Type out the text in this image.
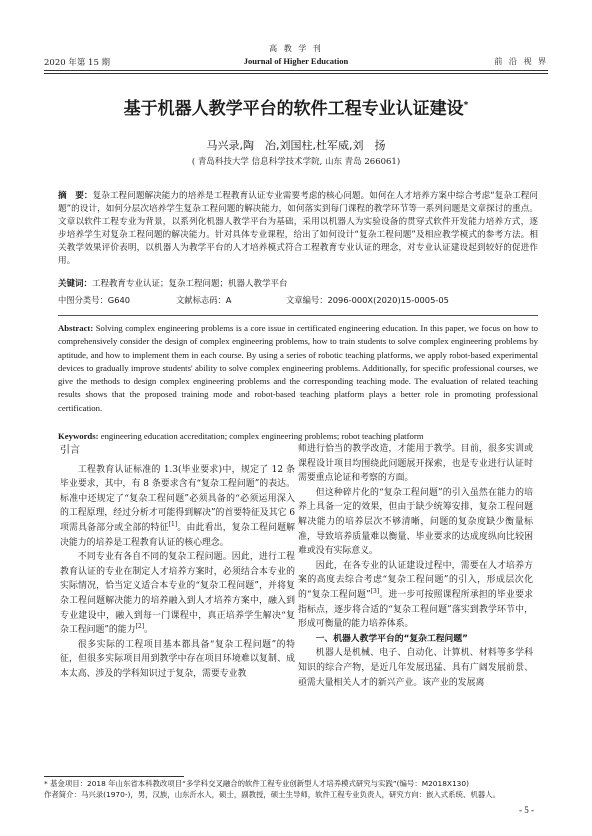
高 教 学 刊
2020 年第 15 期	Journal of Higher Education	前 沿 视 界
基于机器人教学平台的软件工程专业认证建设*
马兴录,陶　冶,刘国柱,杜军威,刘　扬
( 青岛科技大学 信息科学技术学院, 山东 青岛 266061)
摘　要：复杂工程问题解决能力的培养是工程教育认证专业需要考虑的核心问题。如何在人才培养方案中综合考虑“复杂工程问题”的设计，如何分层次培养学生复杂工程问题的解决能力，如何落实到每门课程的教学环节等一系列问题是文章探讨的重点。文章以软件工程专业为背景，以系列化机器人教学平台为基础，采用以机器人为实验设备的贯穿式软件开发能力培养方式，逐步培养学生对复杂工程问题的解决能力。针对具体专业课程，给出了如何设计“复杂工程问题”及相应教学模式的参考方法。相关教学效果评价表明，以机器人为教学平台的人才培养模式符合工程教育专业认证的理念，对专业认证建设起到较好的促进作用。
关键词：工程教育专业认证；复杂工程问题；机器人教学平台
中图分类号：G640	文献标志码：A	文章编号：2096-000X(2020)15-0005-05
Abstract: Solving complex engineering problems is a core issue in certificated engineering education. In this paper, we focus on how to comprehensively consider the design of complex engineering problems, how to train students to solve complex engineering problems by aptitude, and how to implement them in each course. By using a series of robotic teaching platforms, we apply robot-based experimental devices to gradually improve students' ability to solve complex engineering problems. Additionally, for specific professional courses, we give the methods to design complex engineering problems and the corresponding teaching mode. The evaluation of related teaching results shows that the proposed training mode and robot-based teaching platform plays a better role in promoting professional certification.
Keywords: engineering education accreditation; complex engineering problems; robot teaching platform
引言

工程教育认证标准的 1.3(毕业要求)中，规定了 12 条毕业要求，其中，有 8 条要求含有“复杂工程问题”的表达。标准中还规定了“复杂工程问题”必须具备的“必须运用深入的工程原理，经过分析才可能得到解决”的首要特征及其它 6 项需具备部分或全部的特征[1]。由此看出，复杂工程问题解决能力的培养是工程教育认证的核心理念。

不同专业有各自不同的复杂工程问题。因此，进行工程教育认证的专业在制定人才培养方案时，必须结合本专业的实际情况，恰当定义适合本专业的“复杂工程问题”，并将复杂工程问题解决能力的培养融入到人才培养方案中，融入到专业建设中，融入到每一门课程中，真正培养学生解决“复杂工程问题”的能力[2]。

很多实际的工程项目基本都具备“复杂工程问题”的特征，但很多实际项目用到教学中存在项目环境难以复制、成本太高、涉及的学科知识过于复杂，需要专业教

师进行恰当的教学改造，才能用于教学。目前，很多实训或课程设计项目均围绕此问题展开探索，也是专业进行认证时需要重点论证和考察的方面。

但这种碎片化的“复杂工程问题”的引入虽然在能力的培养上具备一定的效果，但由于缺少统筹安排，复杂工程问题解决能力的培养层次不够清晰，问题的复杂度缺少衡量标准，导致培养质量难以衡量、毕业要求的达成度纵向比较困难或没有实际意义。

因此，在各专业的认证建设过程中，需要在人才培养方案的高度去综合考虑“复杂工程问题”的引入，形成层次化的“复杂工程问题”[3]。进一步可按照课程所承担的毕业要求指标点，逐步将合适的“复杂工程问题”落实到教学环节中，形成可衡量的能力培养体系。

一、机器人教学平台的“复杂工程问题”

机器人是机械、电子、自动化、计算机、材料等多学科知识的综合产物，是近几年发展迅猛、具有广阔发展前景、亟需大量相关人才的新兴产业。该产业的发展离

* 基金项目：2018 年山东省本科教改项目“多学科交叉融合的软件工程专业创新型人才培养模式研究与实践”(编号：M2018X130)
作者简介：马兴录(1970-)，男，汉族，山东沂水人，硕士，副教授，硕士生导师，软件工程专业负责人，研究方向：嵌入式系统、机器人。
- 5 -
